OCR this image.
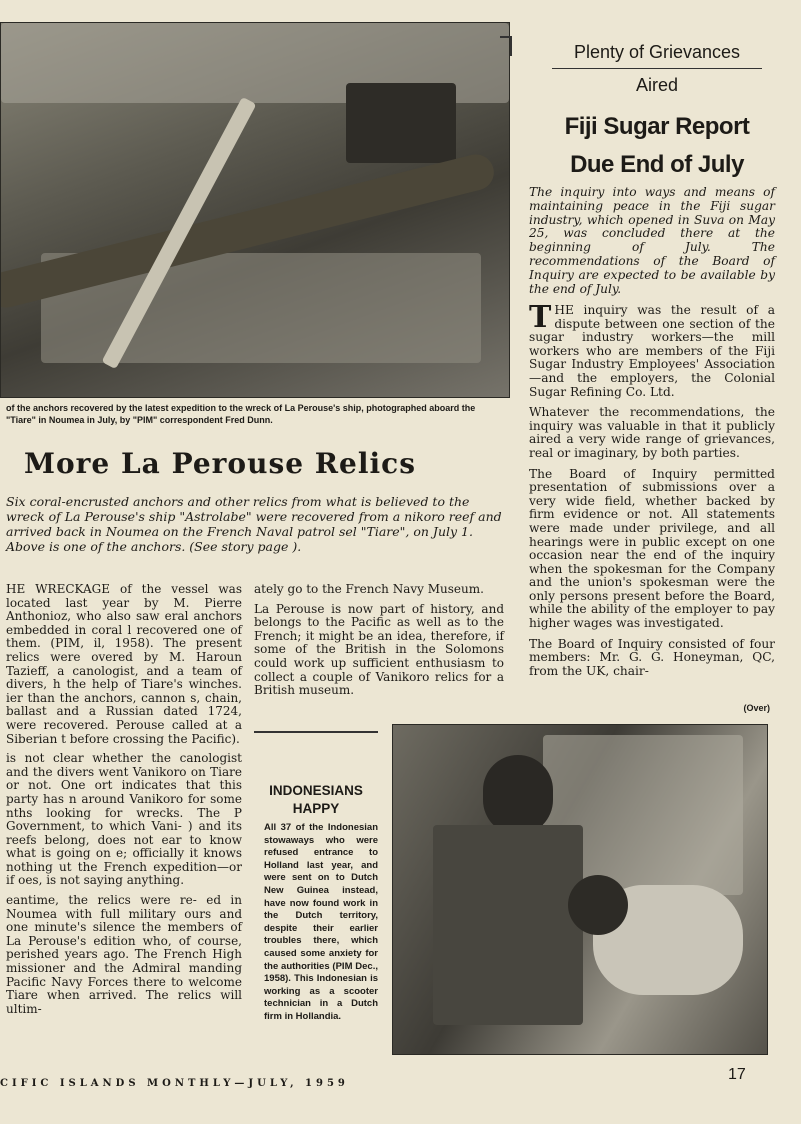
of the anchors recovered by the latest expedition to the wreck of La Perouse's ship, photographed aboard the "Tiare" in Noumea in July, by "PIM" correspondent Fred Dunn.
More La Perouse Relics
Six coral-encrusted anchors and other relics from what is believed to the wreck of La Perouse's ship "Astrolabe" were recovered from a nikoro reef and arrived back in Noumea on the French Naval patrol sel "Tiare", on July 1. Above is one of the anchors. (See story page ).

HE WRECKAGE of the vessel was located last year by M. Pierre Anthonioz, who also saw eral anchors embedded in coral l recovered one of them. (PIM, il, 1958). The present relics were overed by M. Haroun Tazieff, a canologist, and a team of divers, h the help of Tiare's winches. ier than the anchors, cannon s, chain, ballast and a Russian dated 1724, were recovered. Perouse called at a Siberian t before crossing the Pacific).

is not clear whether the canologist and the divers went Vanikoro on Tiare or not. One ort indicates that this party has n around Vanikoro for some nths looking for wrecks. The P Government, to which Vani- ) and its reefs belong, does not ear to know what is going on e; officially it knows nothing ut the French expedition—or if oes, is not saying anything.

eantime, the relics were re- ed in Noumea with full military ours and one minute's silence the members of La Perouse's edition who, of course, perished years ago. The French High missioner and the Admiral manding Pacific Navy Forces there to welcome Tiare when arrived. The relics will ultim-

ately go to the French Navy Museum.

La Perouse is now part of history, and belongs to the Pacific as well as to the French; it might be an idea, therefore, if some of the British in the Solomons could work up sufficient enthusiasm to collect a couple of Vanikoro relics for a British museum.

INDONESIANS
HAPPY
All 37 of the Indonesian stowaways who were refused entrance to Holland last year, and were sent on to Dutch New Guinea instead, have now found work in the Dutch territory, despite their earlier troubles there, which caused some anxiety for the authorities (PIM Dec., 1958). This Indonesian is working as a scooter technician in a Dutch firm in Hollandia.
Plenty of Grievances
Aired
Fiji Sugar Report
Due End of July
The inquiry into ways and means of maintaining peace in the Fiji sugar industry, which opened in Suva on May 25, was concluded there at the beginning of July. The recommendations of the Board of Inquiry are expected to be available by the end of July.

THE inquiry was the result of a dispute between one section of the sugar industry workers—the mill workers who are members of the Fiji Sugar Industry Employees' Association—and the employers, the Colonial Sugar Refining Co. Ltd.

Whatever the recommendations, the inquiry was valuable in that it publicly aired a very wide range of grievances, real or imaginary, by both parties.

The Board of Inquiry permitted presentation of submissions over a very wide field, whether backed by firm evidence or not. All statements were made under privilege, and all hearings were in public except on one occasion near the end of the inquiry when the spokesman for the Company and the union's spokesman were the only persons present before the Board, while the ability of the employer to pay higher wages was investigated.

The Board of Inquiry consisted of four members: Mr. G. G. Honeyman, QC, from the UK, chair-

(Over)
CIFIC ISLANDS MONTHLY—JULY, 1959
17
